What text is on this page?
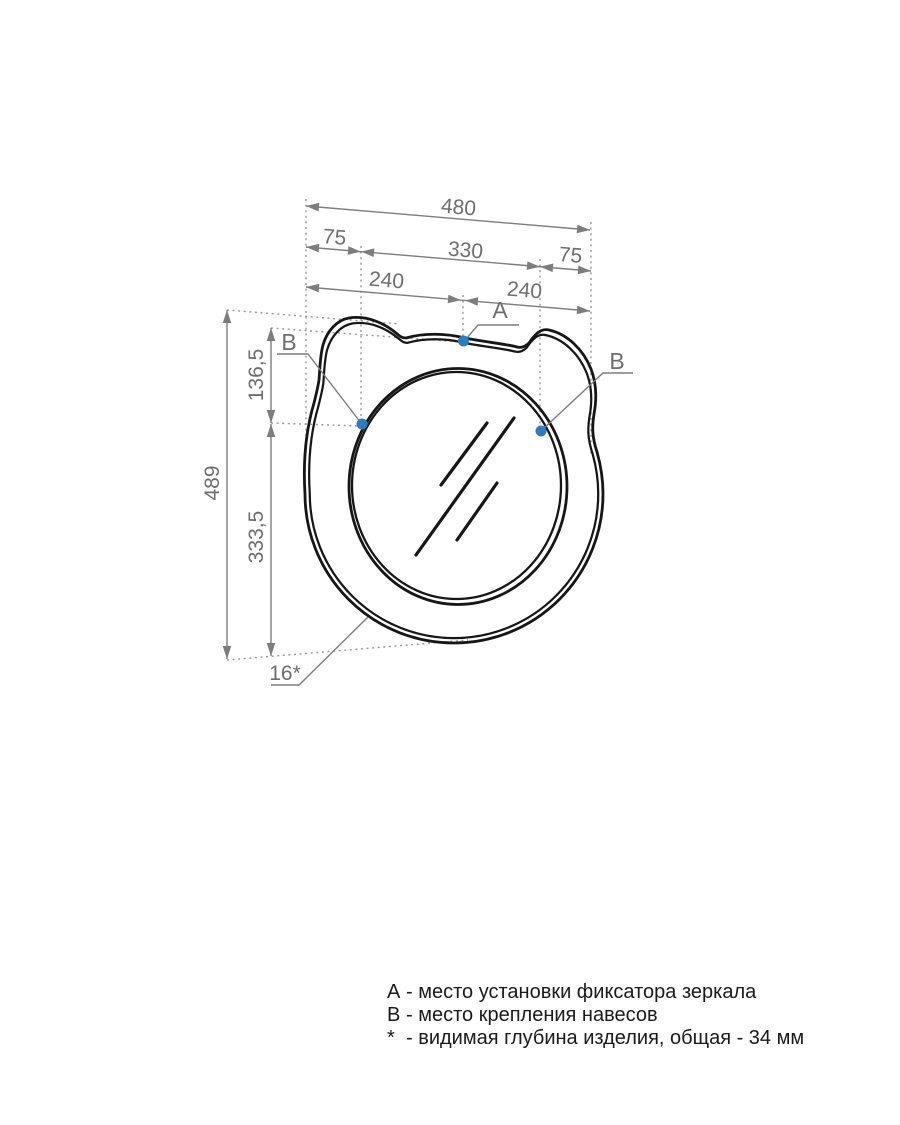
480
75
330	75
240	240
489
136,5
333,5
A
B
B
16*
А - место установки фиксатора зеркала
В - место крепления навесов
* - видимая глубина изделия, общая - 34 мм
